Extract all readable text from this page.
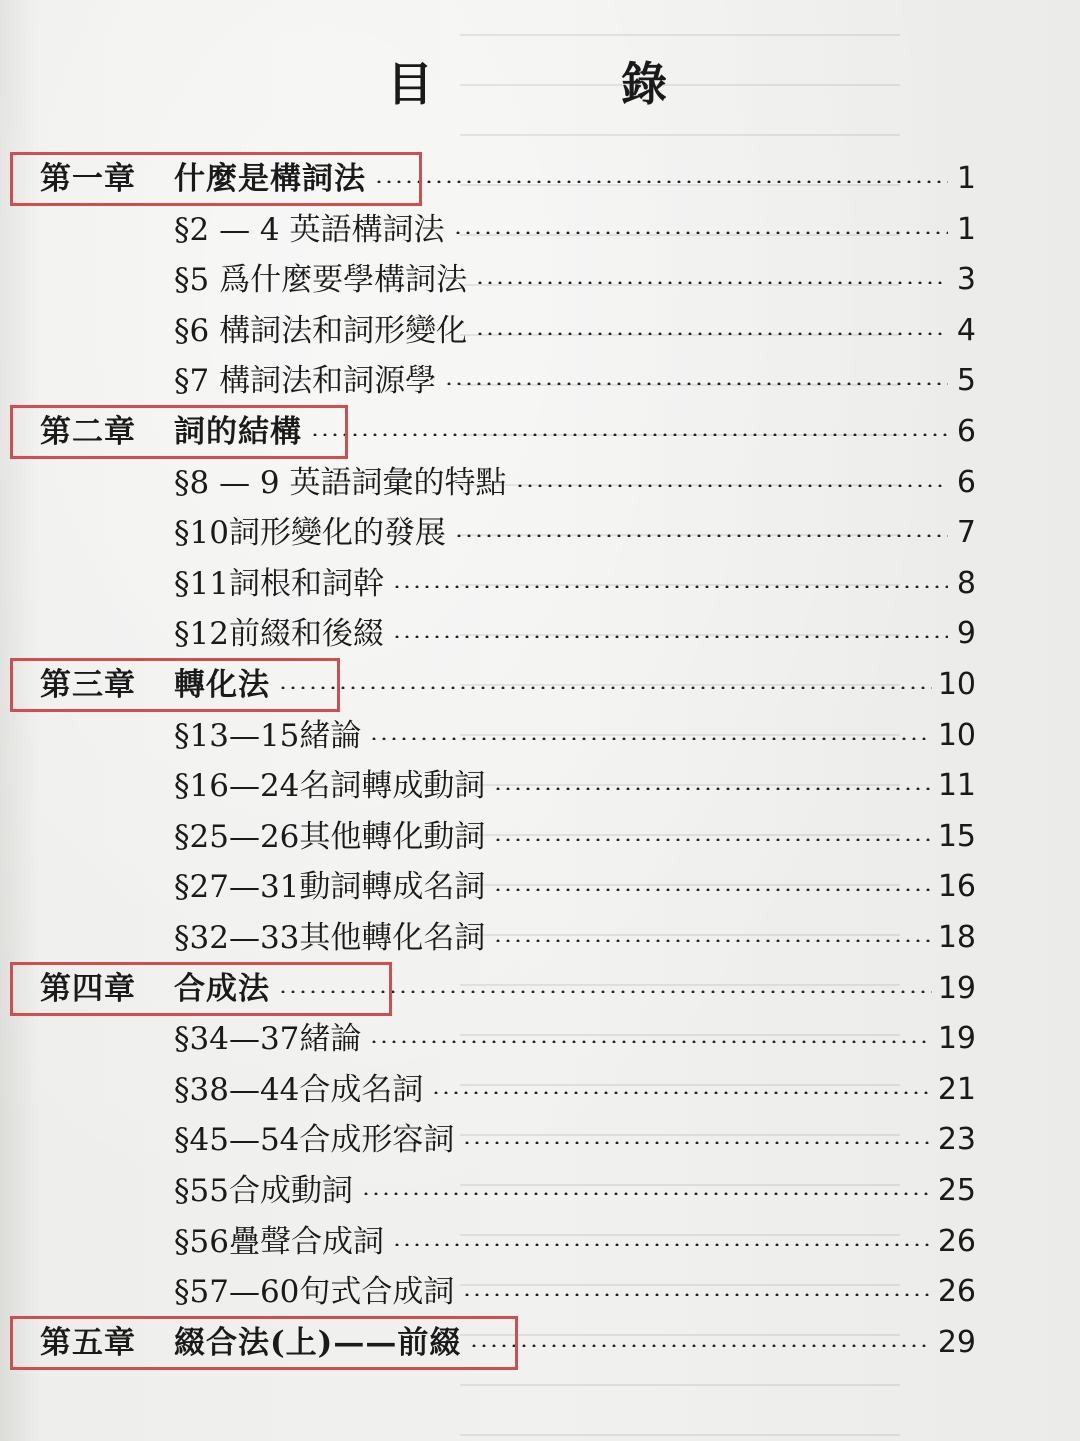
目 錄
第一章 什麼是構詞法	1
§2 — 4 英語構詞法	1
§5 爲什麼要學構詞法	3
§6 構詞法和詞形變化	4
§7 構詞法和詞源學	5
第二章 詞的結構	6
§8 — 9 英語詞彙的特點	6
§10詞形變化的發展	7
§11詞根和詞幹	8
§12前綴和後綴	9
第三章 轉化法	10
§13—15緒論	10
§16—24名詞轉成動詞	11
§25—26其他轉化動詞	15
§27—31動詞轉成名詞	16
§32—33其他轉化名詞	18
第四章 合成法	19
§34—37緒論	19
§38—44合成名詞	21
§45—54合成形容詞	23
§55合成動詞	25
§56疊聲合成詞	26
§57—60句式合成詞	26
第五章 綴合法(上)——前綴	29
